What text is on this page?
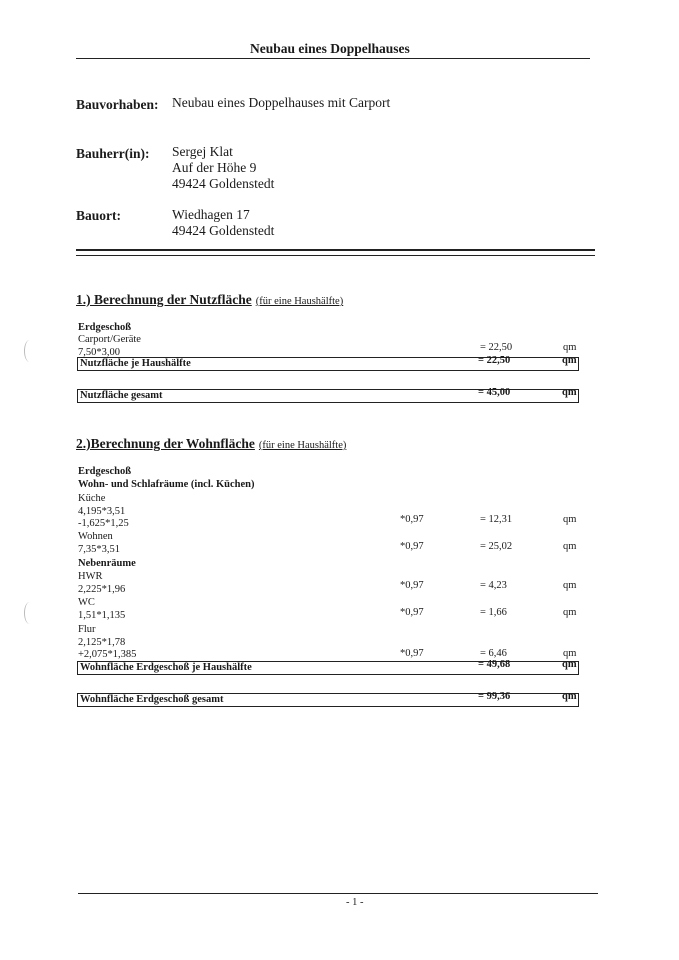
Neubau eines Doppelhauses
Bauvorhaben: Neubau eines Doppelhauses mit Carport
Bauherr(in): Sergej Klat
Auf der Höhe 9
49424 Goldenstedt
Bauort:	Wiedhagen 17
49424 Goldenstedt
1.) Berechnung der Nutzfläche (für eine Haushälfte)
Erdgeschoß
Carport/Geräte
7,50*3,00	= 22,50	qm
Nutzfläche je Haushälfte	= 22,50	qm
Nutzfläche gesamt	= 45,00	qm
2.)Berechnung der Wohnfläche (für eine Haushälfte)
Erdgeschoß
Wohn- und Schlafräume (incl. Küchen)
Küche
4,195*3,51
-1,625*1,25	*0,97	= 12,31	qm
Wohnen
7,35*3,51	*0,97	= 25,02	qm
Nebenräume
HWR
2,225*1,96	*0,97	= 4,23	qm
WC
1,51*1,135	*0,97	= 1,66	qm
Flur
2,125*1,78
+2,075*1,385	*0,97	= 6,46	qm
Wohnfläche Erdgeschoß je Haushälfte	= 49,68	qm
Wohnfläche Erdgeschoß gesamt	= 99,36	qm
- 1 -
